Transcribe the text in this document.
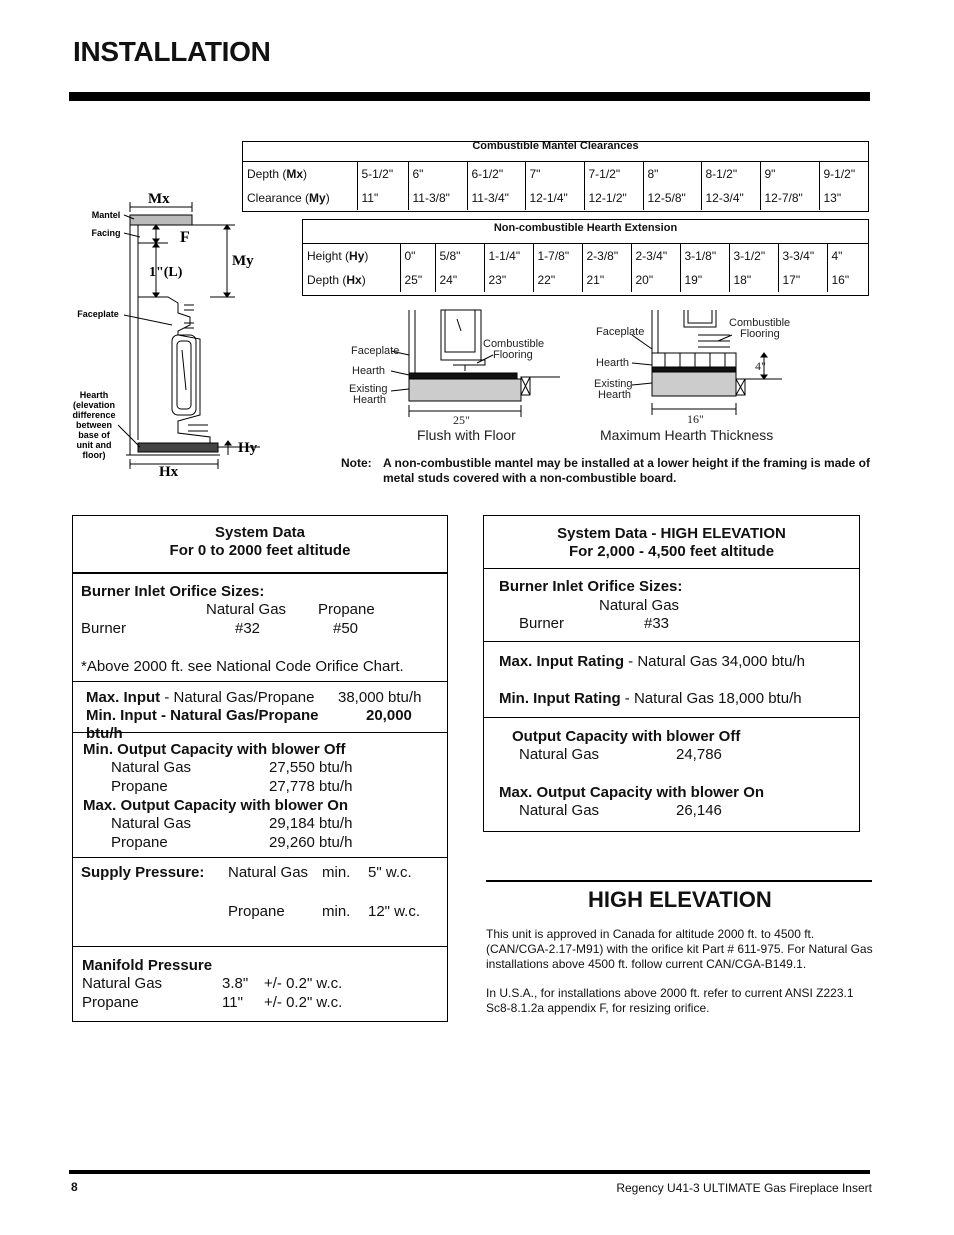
INSTALLATION
Combustible Mantel Clearances
Depth (Mx)	5-1/2"	6"	6-1/2"	7"	7-1/2"	8"	8-1/2"	9"	9-1/2"
Clearance (My)	11"	11-3/8"	11-3/4"	12-1/4"	12-1/2"	12-5/8"	12-3/4"	12-7/8"	13"
Non-combustible Hearth Extension
Height (Hy)	0"	5/8"	1-1/4"	1-7/8"	2-3/8"	2-3/4"	3-1/8"	3-1/2"	3-3/4"	4"
Depth (Hx)	25"	24"	23"	22"	21"	20"	19"	18"	17"	16"
Mx
My
F
1"(L)
Hy
Hx
Mantel
Facing
Faceplate
Hearth
(elevation
difference
between
base of
unit and
floor)
Faceplate
Hearth
Existing
Hearth
Combustible
Flooring
25"
Flush with Floor
Faceplate
Hearth
Existing
Hearth
Combustible
Flooring
4"
16"
Maximum Hearth Thickness
Note: A non-combustible mantel may be installed at a lower height if the framing is made of metal studs covered with a non-combustible board.
System Data
For 0 to 2000 feet altitude
Burner Inlet Orifice Sizes:
Natural Gas Propane
Burner	#32	#50
*Above 2000 ft. see National Code Orifice Chart.
Max. Input - Natural Gas/Propane 38,000 btu/h
Min. Input - Natural Gas/Propane	20,000
btu/h
Min. Output Capacity with blower Off
Natural Gas	27,550 btu/h
Propane	27,778 btu/h
Max. Output Capacity with blower On
Natural Gas	29,184 btu/h
Propane	29,260 btu/h
Supply Pressure: Natural Gas min. 5" w.c.
Propane min. 12" w.c.
Manifold Pressure
Natural Gas	3.8" +/- 0.2" w.c.
Propane	11" +/- 0.2" w.c.
System Data - HIGH ELEVATION
For 2,000 - 4,500 feet altitude
Burner Inlet Orifice Sizes:
Natural Gas
Burner	#33
Max. Input Rating - Natural Gas 34,000 btu/h
Min. Input Rating - Natural Gas 18,000 btu/h
Output Capacity with blower Off
Natural Gas	24,786
Max. Output Capacity with blower On
Natural Gas	26,146
HIGH ELEVATION
This unit is approved in Canada for altitude 2000 ft. to 4500 ft. (CAN/CGA-2.17-M91) with the orifice kit Part # 611-975. For Natural Gas installations above 4500 ft. follow current CAN/CGA-B149.1.
In U.S.A., for installations above 2000 ft. refer to current ANSI Z223.1 Sc8-8.1.2a appendix F, for resizing orifice.
8	Regency U41-3 ULTIMATE Gas Fireplace Insert
